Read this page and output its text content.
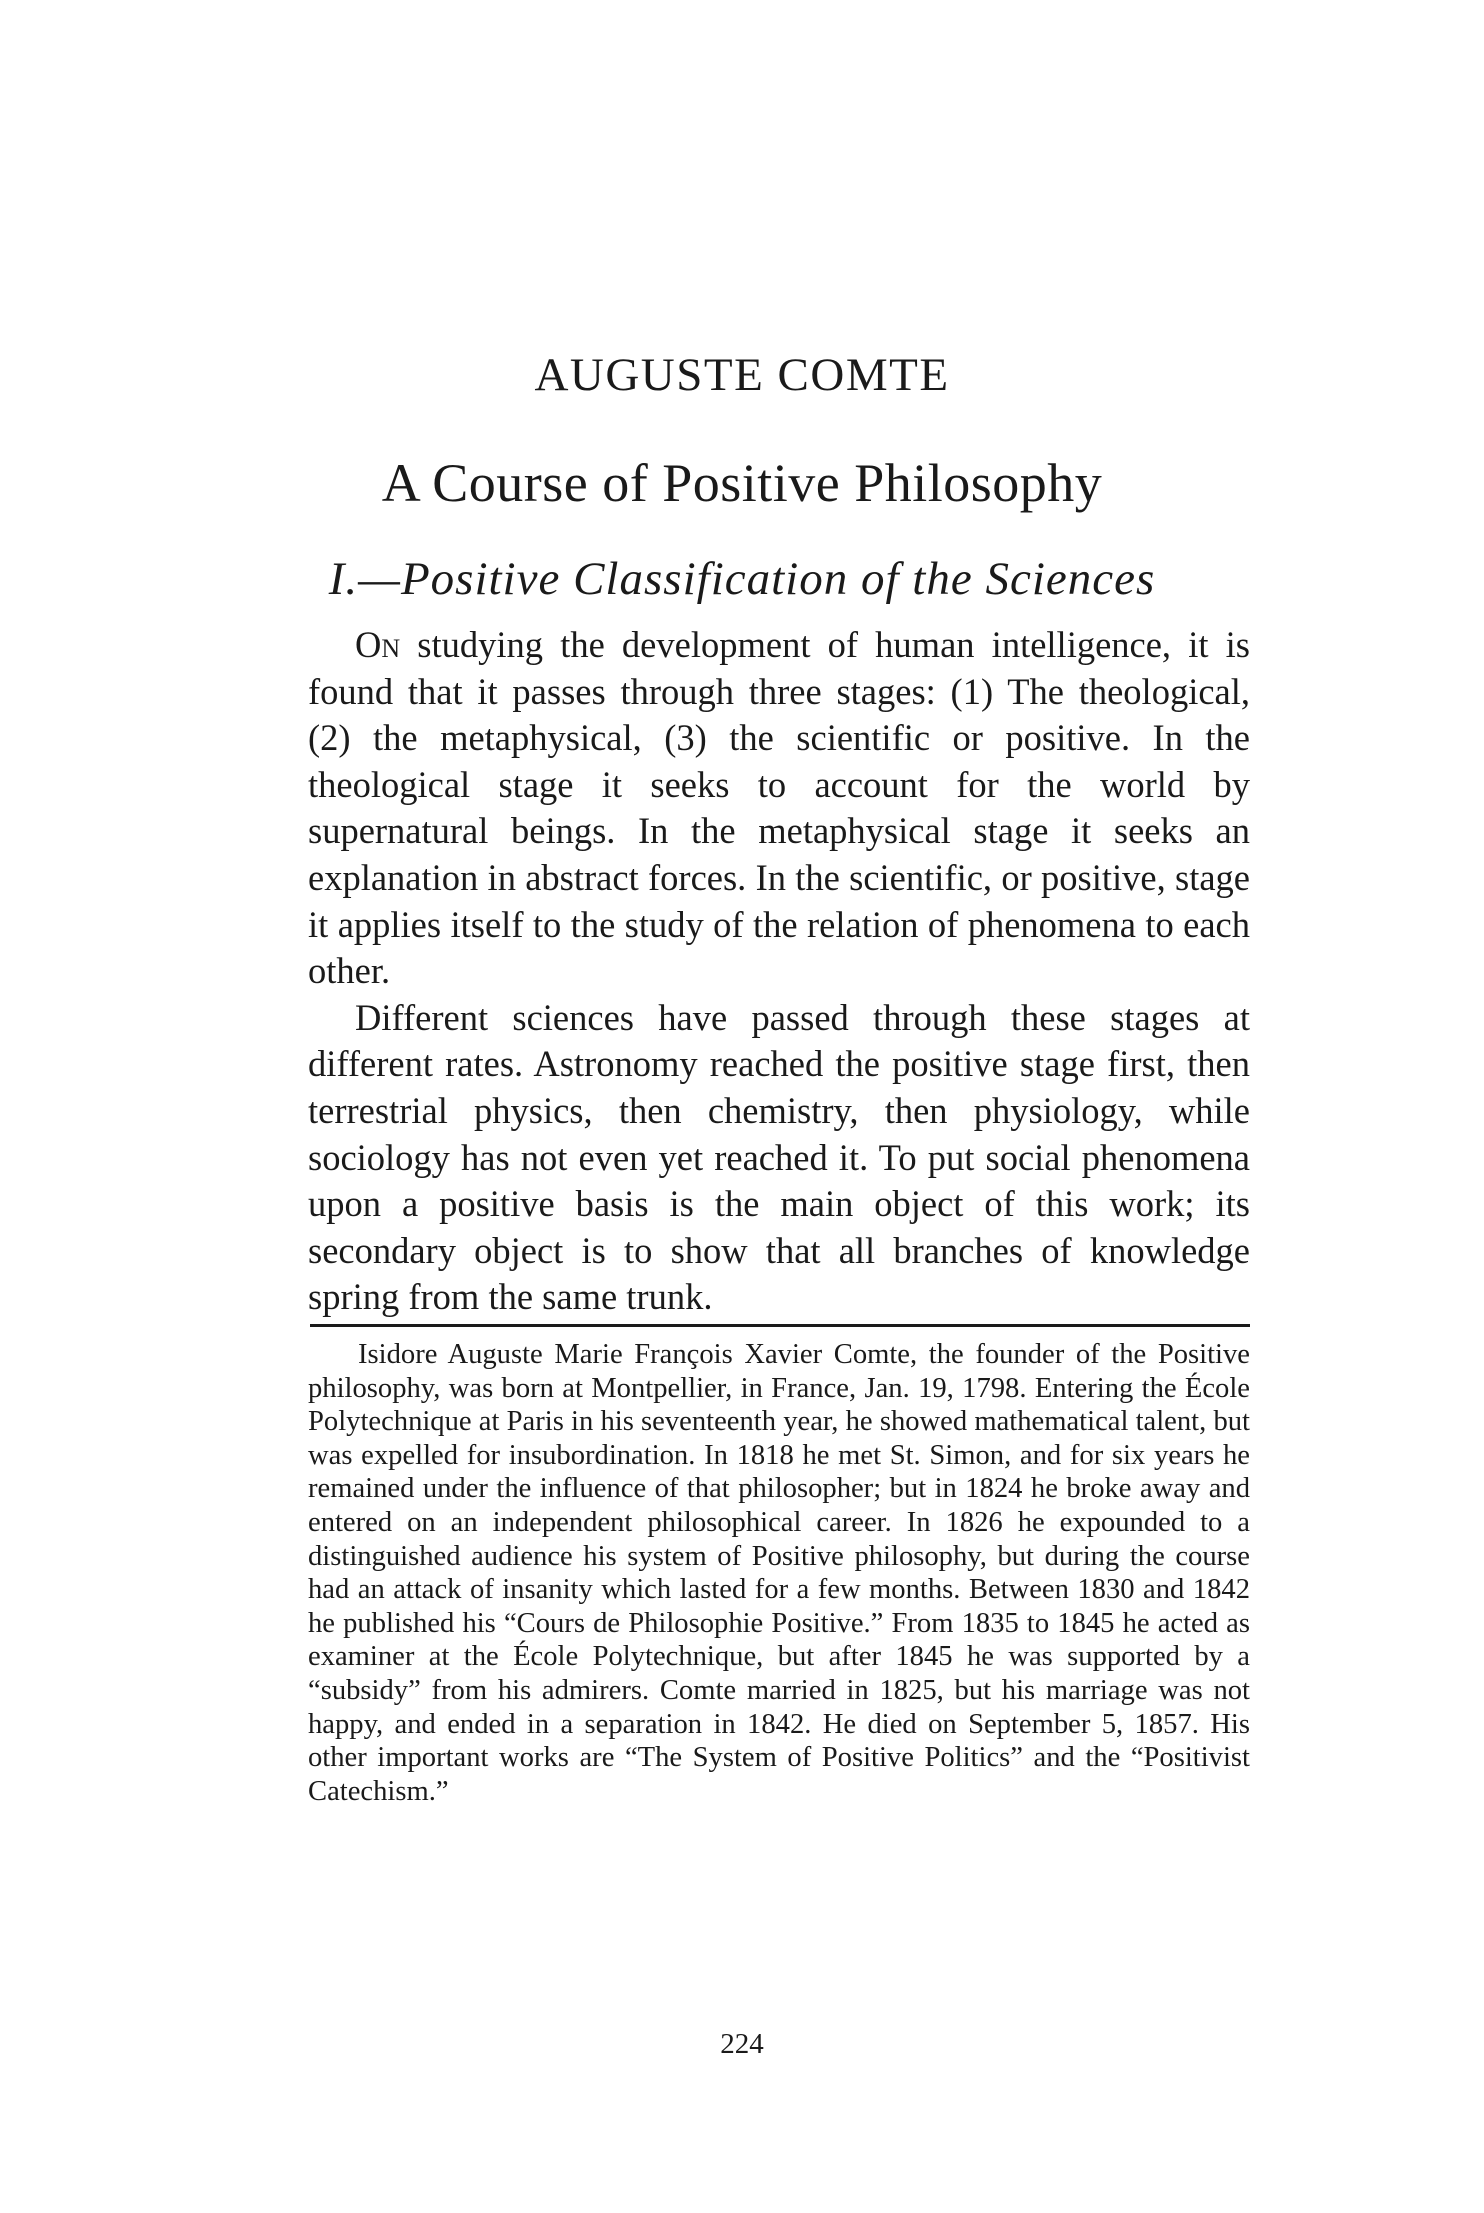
AUGUSTE COMTE
A Course of Positive Philosophy
I.—Positive Classification of the Sciences

On studying the development of human intelligence, it is found that it passes through three stages: (1) The theological, (2) the metaphysical, (3) the scientific or positive. In the theological stage it seeks to account for the world by supernatural beings. In the metaphysical stage it seeks an explanation in abstract forces. In the scientific, or positive, stage it applies itself to the study of the relation of phenomena to each other.

Different sciences have passed through these stages at different rates. Astronomy reached the positive stage first, then terrestrial physics, then chemistry, then physiology, while sociology has not even yet reached it. To put social phenomena upon a positive basis is the main object of this work; its secondary object is to show that all branches of knowledge spring from the same trunk.

Isidore Auguste Marie François Xavier Comte, the founder of the Positive philosophy, was born at Montpellier, in France, Jan. 19, 1798. Entering the École Polytechnique at Paris in his seventeenth year, he showed mathematical talent, but was expelled for insubordination. In 1818 he met St. Simon, and for six years he remained under the influence of that philosopher; but in 1824 he broke away and entered on an independent philosophical career. In 1826 he expounded to a distinguished audience his system of Positive philosophy, but during the course had an attack of insanity which lasted for a few months. Between 1830 and 1842 he published his “Cours de Philosophie Positive.” From 1835 to 1845 he acted as examiner at the École Polytechnique, but after 1845 he was supported by a “subsidy” from his admirers. Comte married in 1825, but his marriage was not happy, and ended in a separation in 1842. He died on September 5, 1857. His other important works are “The System of Positive Politics” and the “Positivist Catechism.”

224
